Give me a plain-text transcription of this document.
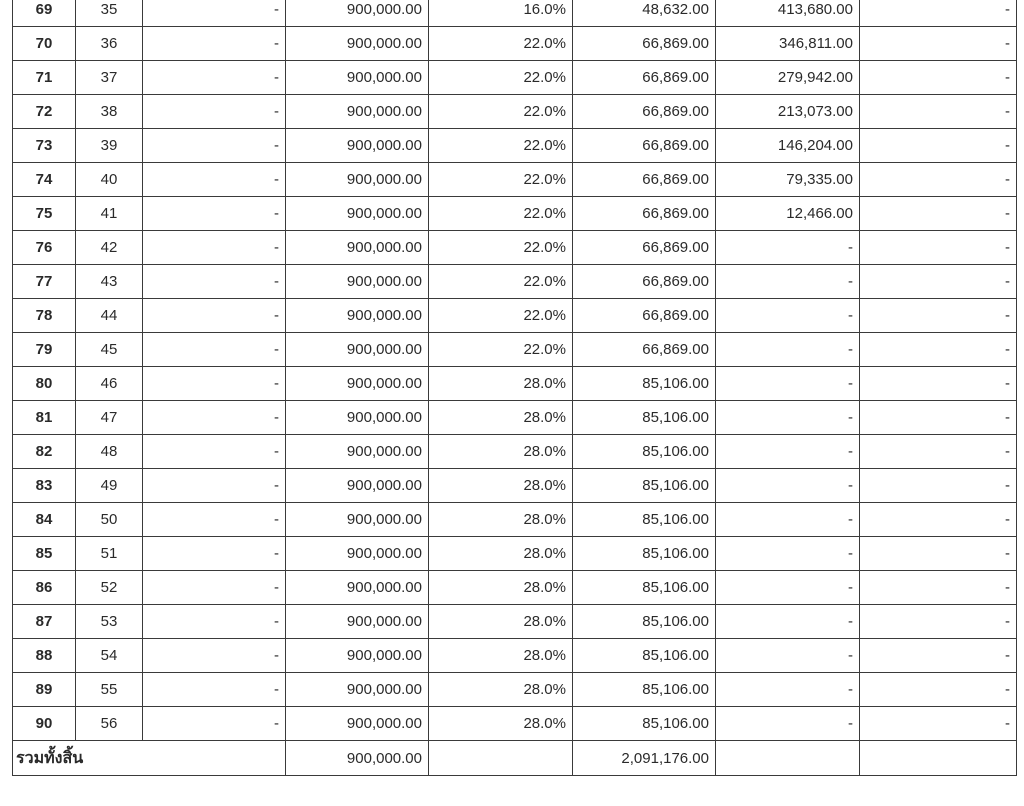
69	35	-	900,000.00	16.0%	48,632.00	413,680.00	-
70	36	-	900,000.00	22.0%	66,869.00	346,811.00	-
71	37	-	900,000.00	22.0%	66,869.00	279,942.00	-
72	38	-	900,000.00	22.0%	66,869.00	213,073.00	-
73	39	-	900,000.00	22.0%	66,869.00	146,204.00	-
74	40	-	900,000.00	22.0%	66,869.00	79,335.00	-
75	41	-	900,000.00	22.0%	66,869.00	12,466.00	-
76	42	-	900,000.00	22.0%	66,869.00	-	-
77	43	-	900,000.00	22.0%	66,869.00	-	-
78	44	-	900,000.00	22.0%	66,869.00	-	-
79	45	-	900,000.00	22.0%	66,869.00	-	-
80	46	-	900,000.00	28.0%	85,106.00	-	-
81	47	-	900,000.00	28.0%	85,106.00	-	-
82	48	-	900,000.00	28.0%	85,106.00	-	-
83	49	-	900,000.00	28.0%	85,106.00	-	-
84	50	-	900,000.00	28.0%	85,106.00	-	-
85	51	-	900,000.00	28.0%	85,106.00	-	-
86	52	-	900,000.00	28.0%	85,106.00	-	-
87	53	-	900,000.00	28.0%	85,106.00	-	-
88	54	-	900,000.00	28.0%	85,106.00	-	-
89	55	-	900,000.00	28.0%	85,106.00	-	-
90	56	-	900,000.00	28.0%	85,106.00	-	-
รวมทั้งสิ้น			900,000.00		2,091,176.00		
